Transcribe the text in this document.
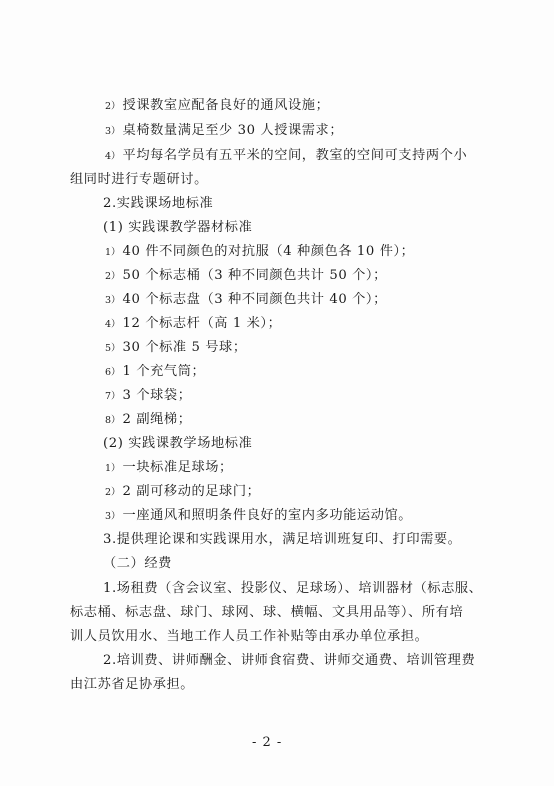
2） 授课教室应配备良好的通风设施；
3） 桌椅数量满足至少 30 人授课需求；
4） 平均每名学员有五平米的空间，教室的空间可支持两个小
组同时进行专题研讨。
2.实践课场地标准
(1) 实践课教学器材标准
1） 40 件不同颜色的对抗服（4 种颜色各 10 件）；
2） 50 个标志桶（3 种不同颜色共计 50 个）；
3） 40 个标志盘（3 种不同颜色共计 40 个）；
4） 12 个标志杆（高 1 米）；
5） 30 个标准 5 号球；
6） 1 个充气筒；
7） 3 个球袋；
8） 2 副绳梯；
(2) 实践课教学场地标准
1） 一块标准足球场；
2） 2 副可移动的足球门；
3） 一座通风和照明条件良好的室内多功能运动馆。
3.提供理论课和实践课用水，满足培训班复印、打印需要。
（二）经费
1.场租费（含会议室、投影仪、足球场）、培训器材（标志服、
标志桶、标志盘、球门、球网、球、横幅、文具用品等）、所有培
训人员饮用水、当地工作人员工作补贴等由承办单位承担。
2.培训费、讲师酬金、讲师食宿费、讲师交通费、培训管理费
由江苏省足协承担。
- 2 -
